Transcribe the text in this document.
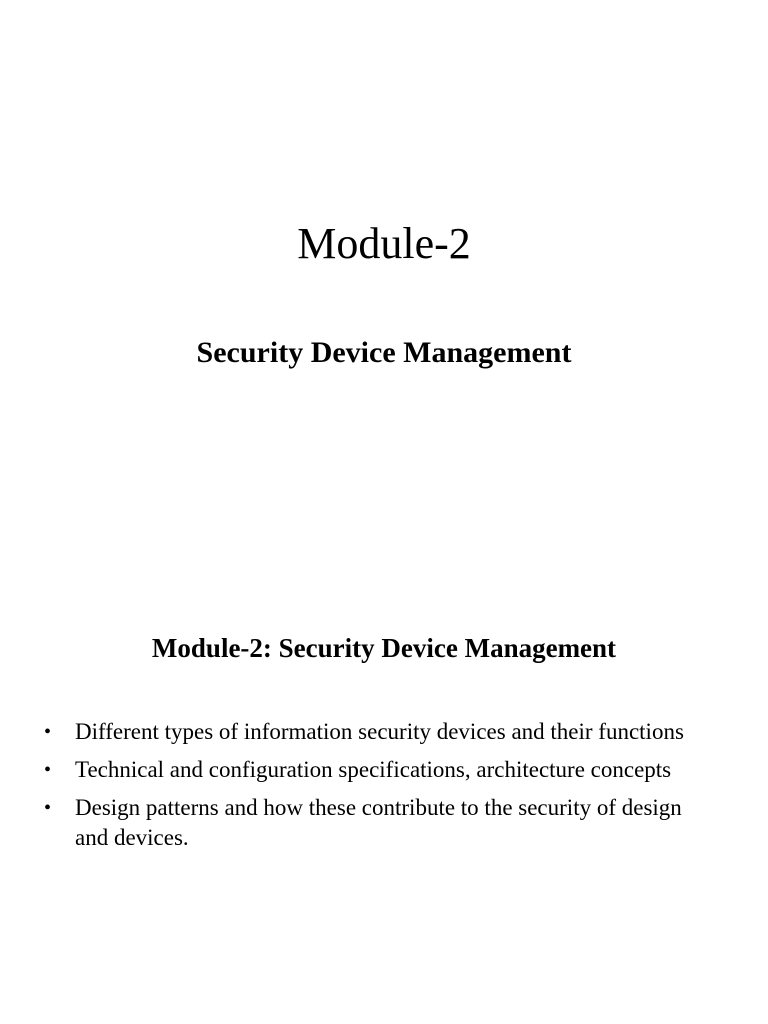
Module-2
Security Device Management
Module-2: Security Device Management
• Different types of information security devices and their functions
• Technical and configuration specifications, architecture concepts
• Design patterns and how these contribute to the security of design and devices.
